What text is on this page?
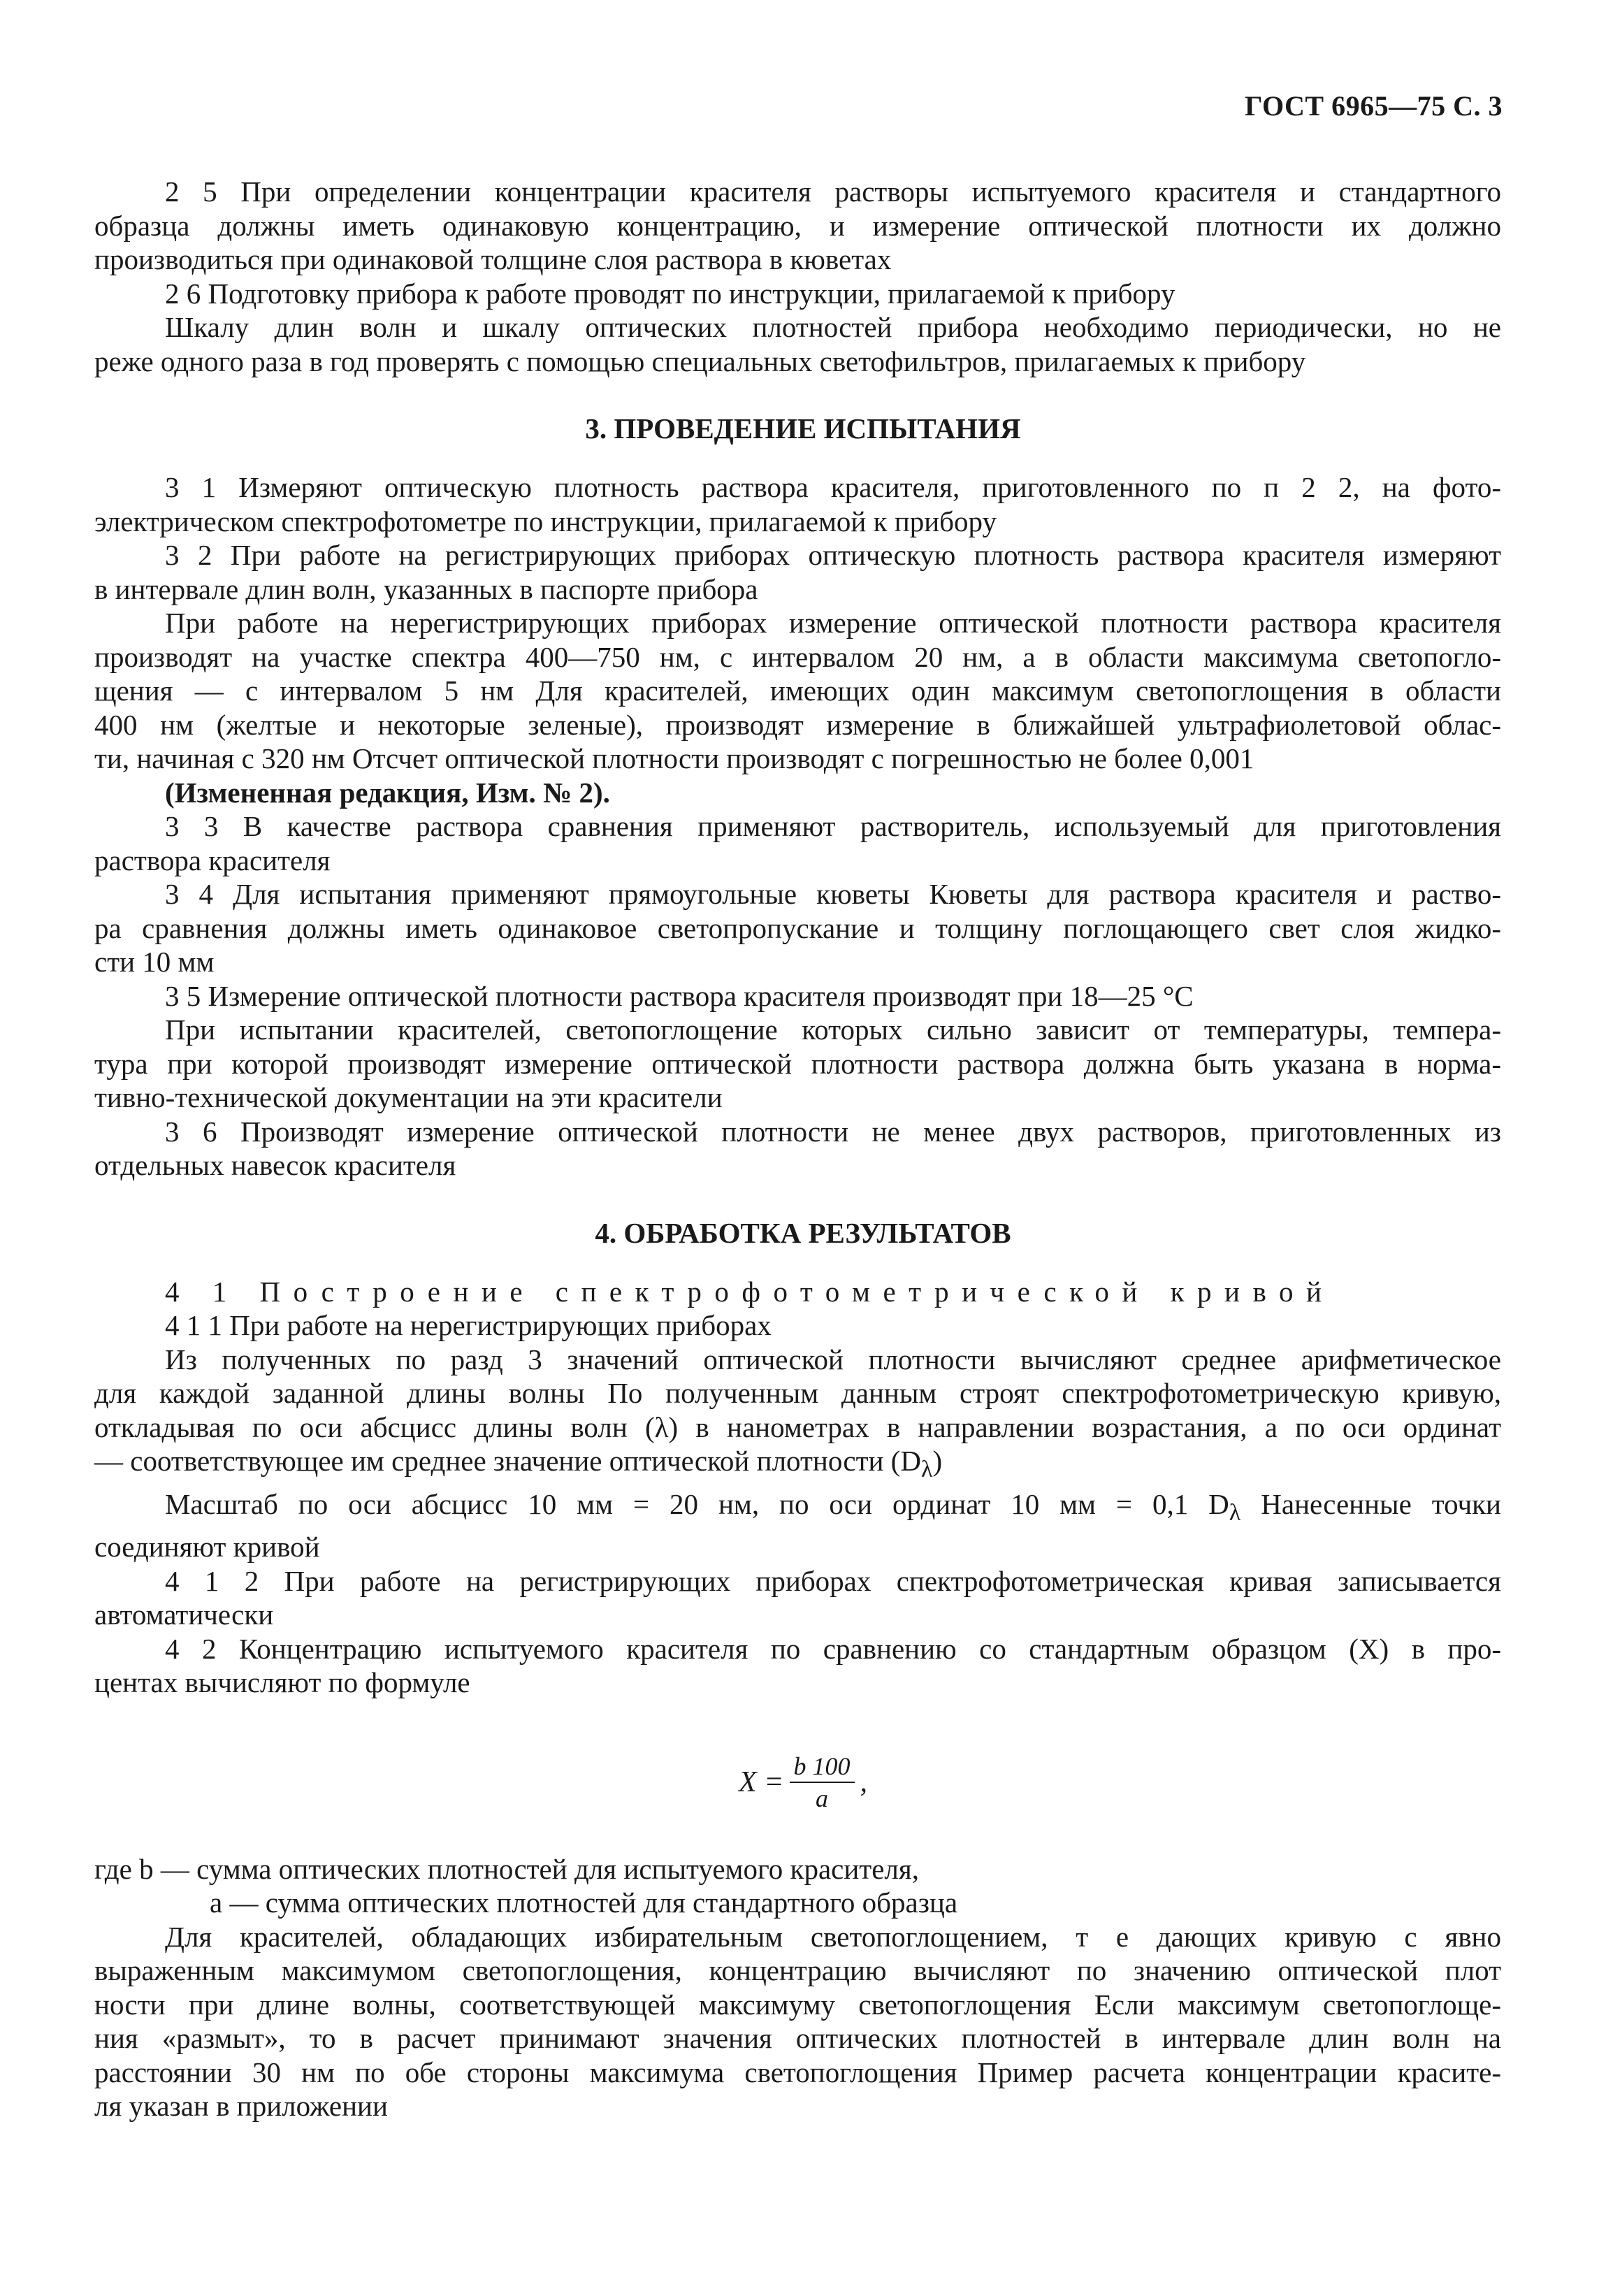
ГОСТ 6965—75 С. 3

2 5 При определении концентрации красителя растворы испытуемого красителя и стандартного

образца должны иметь одинаковую концентрацию, и измерение оптической плотности их должно

производиться при одинаковой толщине слоя раствора в кюветах

2 6 Подготовку прибора к работе проводят по инструкции, прилагаемой к прибору

Шкалу длин волн и шкалу оптических плотностей прибора необходимо периодически, но не

реже одного раза в год проверять с помощью специальных светофильтров, прилагаемых к прибору

3. ПРОВЕДЕНИЕ ИСПЫТАНИЯ

3 1 Измеряют оптическую плотность раствора красителя, приготовленного по п 2 2, на фото-

электрическом спектрофотометре по инструкции, прилагаемой к прибору

3 2 При работе на регистрирующих приборах оптическую плотность раствора красителя измеряют

в интервале длин волн, указанных в паспорте прибора

При работе на нерегистрирующих приборах измерение оптической плотности раствора красителя

производят на участке спектра 400—750 нм, с интервалом 20 нм, а в области максимума светопогло-

щения — с интервалом 5 нм Для красителей, имеющих один максимум светопоглощения в области

400 нм (желтые и некоторые зеленые), производят измерение в ближайшей ультрафиолетовой облас-

ти, начиная с 320 нм Отсчет оптической плотности производят с погрешностью не более 0,001

(Измененная редакция, Изм. № 2).

3 3 В качестве раствора сравнения применяют растворитель, используемый для приготовления

раствора красителя

3 4 Для испытания применяют прямоугольные кюветы Кюветы для раствора красителя и раство-

ра сравнения должны иметь одинаковое светопропускание и толщину поглощающего свет слоя жидко-

сти 10 мм

3 5 Измерение оптической плотности раствора красителя производят при 18—25 °С

При испытании красителей, светопоглощение которых сильно зависит от температуры, темпера-

тура при которой производят измерение оптической плотности раствора должна быть указана в норма-

тивно-технической документации на эти красители

3 6 Производят измерение оптической плотности не менее двух растворов, приготовленных из

отдельных навесок красителя

4. ОБРАБОТКА РЕЗУЛЬТАТОВ

4 1 Построение спектрофотометрической кривой

4 1 1 При работе на нерегистрирующих приборах

Из полученных по разд 3 значений оптической плотности вычисляют среднее арифметическое

для каждой заданной длины волны По полученным данным строят спектрофотометрическую кривую,

откладывая по оси абсцисс длины волн (λ) в нанометрах в направлении возрастания, а по оси ординат

— соответствующее им среднее значение оптической плотности $(D_\lambda)$

Масштаб по оси абсцисс 10 мм = 20 нм, по оси ординат 10 мм = 0,1 $D_\lambda$ Нанесенные точки

соединяют кривой

4 1 2 При работе на регистрирующих приборах спектрофотометрическая кривая записывается

автоматически

4 2 Концентрацию испытуемого красителя по сравнению со стандартным образцом (X) в про-

центах вычисляют по формуле

$X = \frac{b 100}{a}$ ,

где b — сумма оптических плотностей для испытуемого красителя,

a — сумма оптических плотностей для стандартного образца

Для красителей, обладающих избирательным светопоглощением, т е дающих кривую с явно

выраженным максимумом светопоглощения, концентрацию вычисляют по значению оптической плот

ности при длине волны, соответствующей максимуму светопоглощения Если максимум светопоглоще-

ния «размыт», то в расчет принимают значения оптических плотностей в интервале длин волн на

расстоянии 30 нм по обе стороны максимума светопоглощения Пример расчета концентрации красите-

ля указан в приложении
